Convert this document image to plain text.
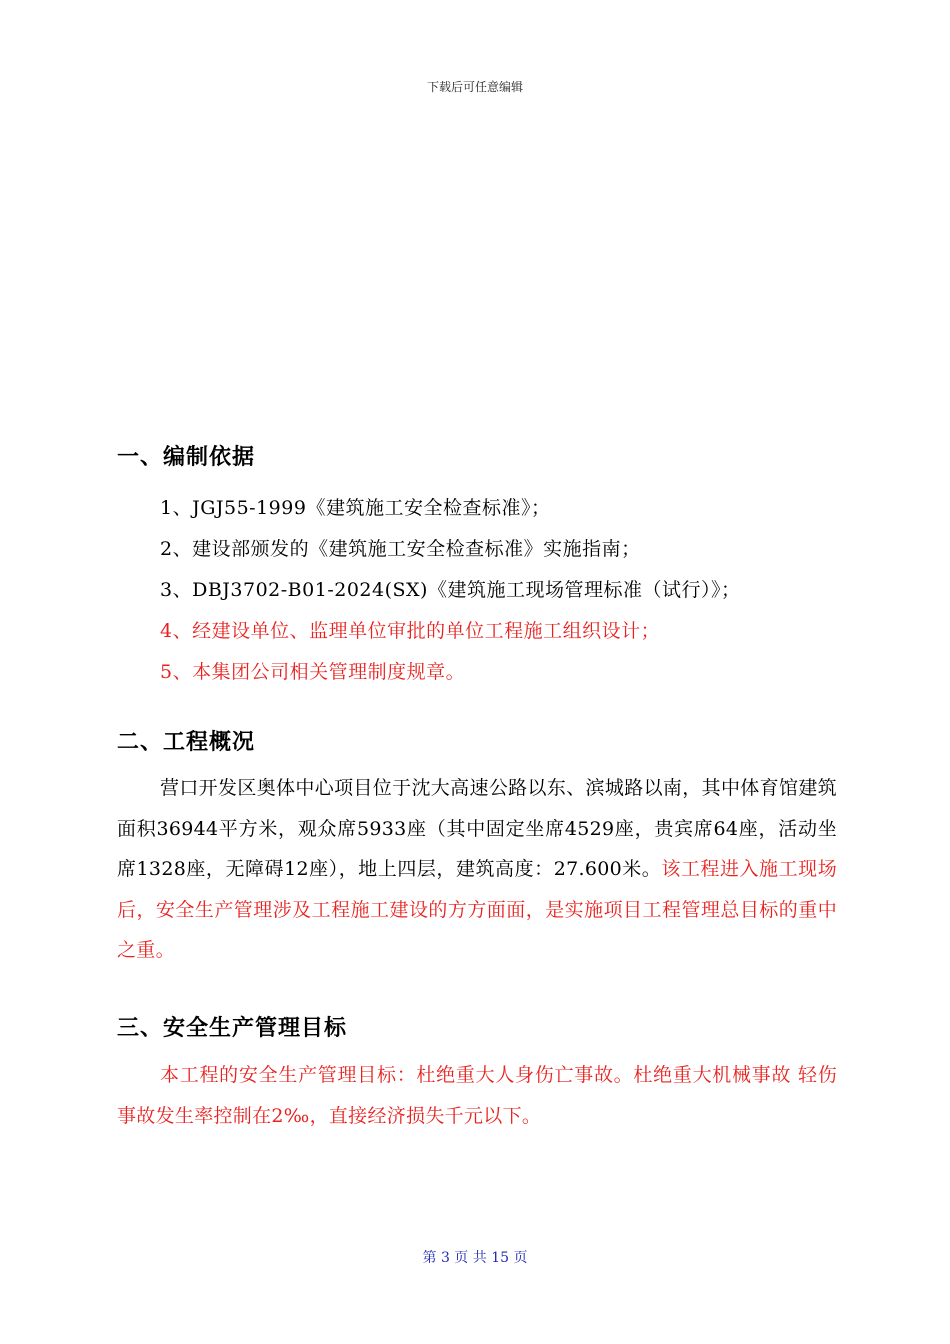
下载后可任意编辑
一、编制依据
1、JGJ55-1999《建筑施工安全检查标准》；
2、建设部颁发的《建筑施工安全检查标准》实施指南；
3、DBJ3702-B01-2024(SX)《建筑施工现场管理标准（试行）》；
4、经建设单位、监理单位审批的单位工程施工组织设计；
5、本集团公司相关管理制度规章。
二、工程概况
营口开发区奥体中心项目位于沈大高速公路以东、滨城路以南，其中体育馆建筑面积36944平方米，观众席5933座（其中固定坐席4529座，贵宾席64座，活动坐席1328座，无障碍12座），地上四层，建筑高度：27.600米。该工程进入施工现场后，安全生产管理涉及工程施工建设的方方面面，是实施项目工程管理总目标的重中之重。
三、安全生产管理目标
本工程的安全生产管理目标：杜绝重大人身伤亡事故。杜绝重大机械事故 轻伤事故发生率控制在2‰，直接经济损失千元以下。
第 3 页 共 15 页
